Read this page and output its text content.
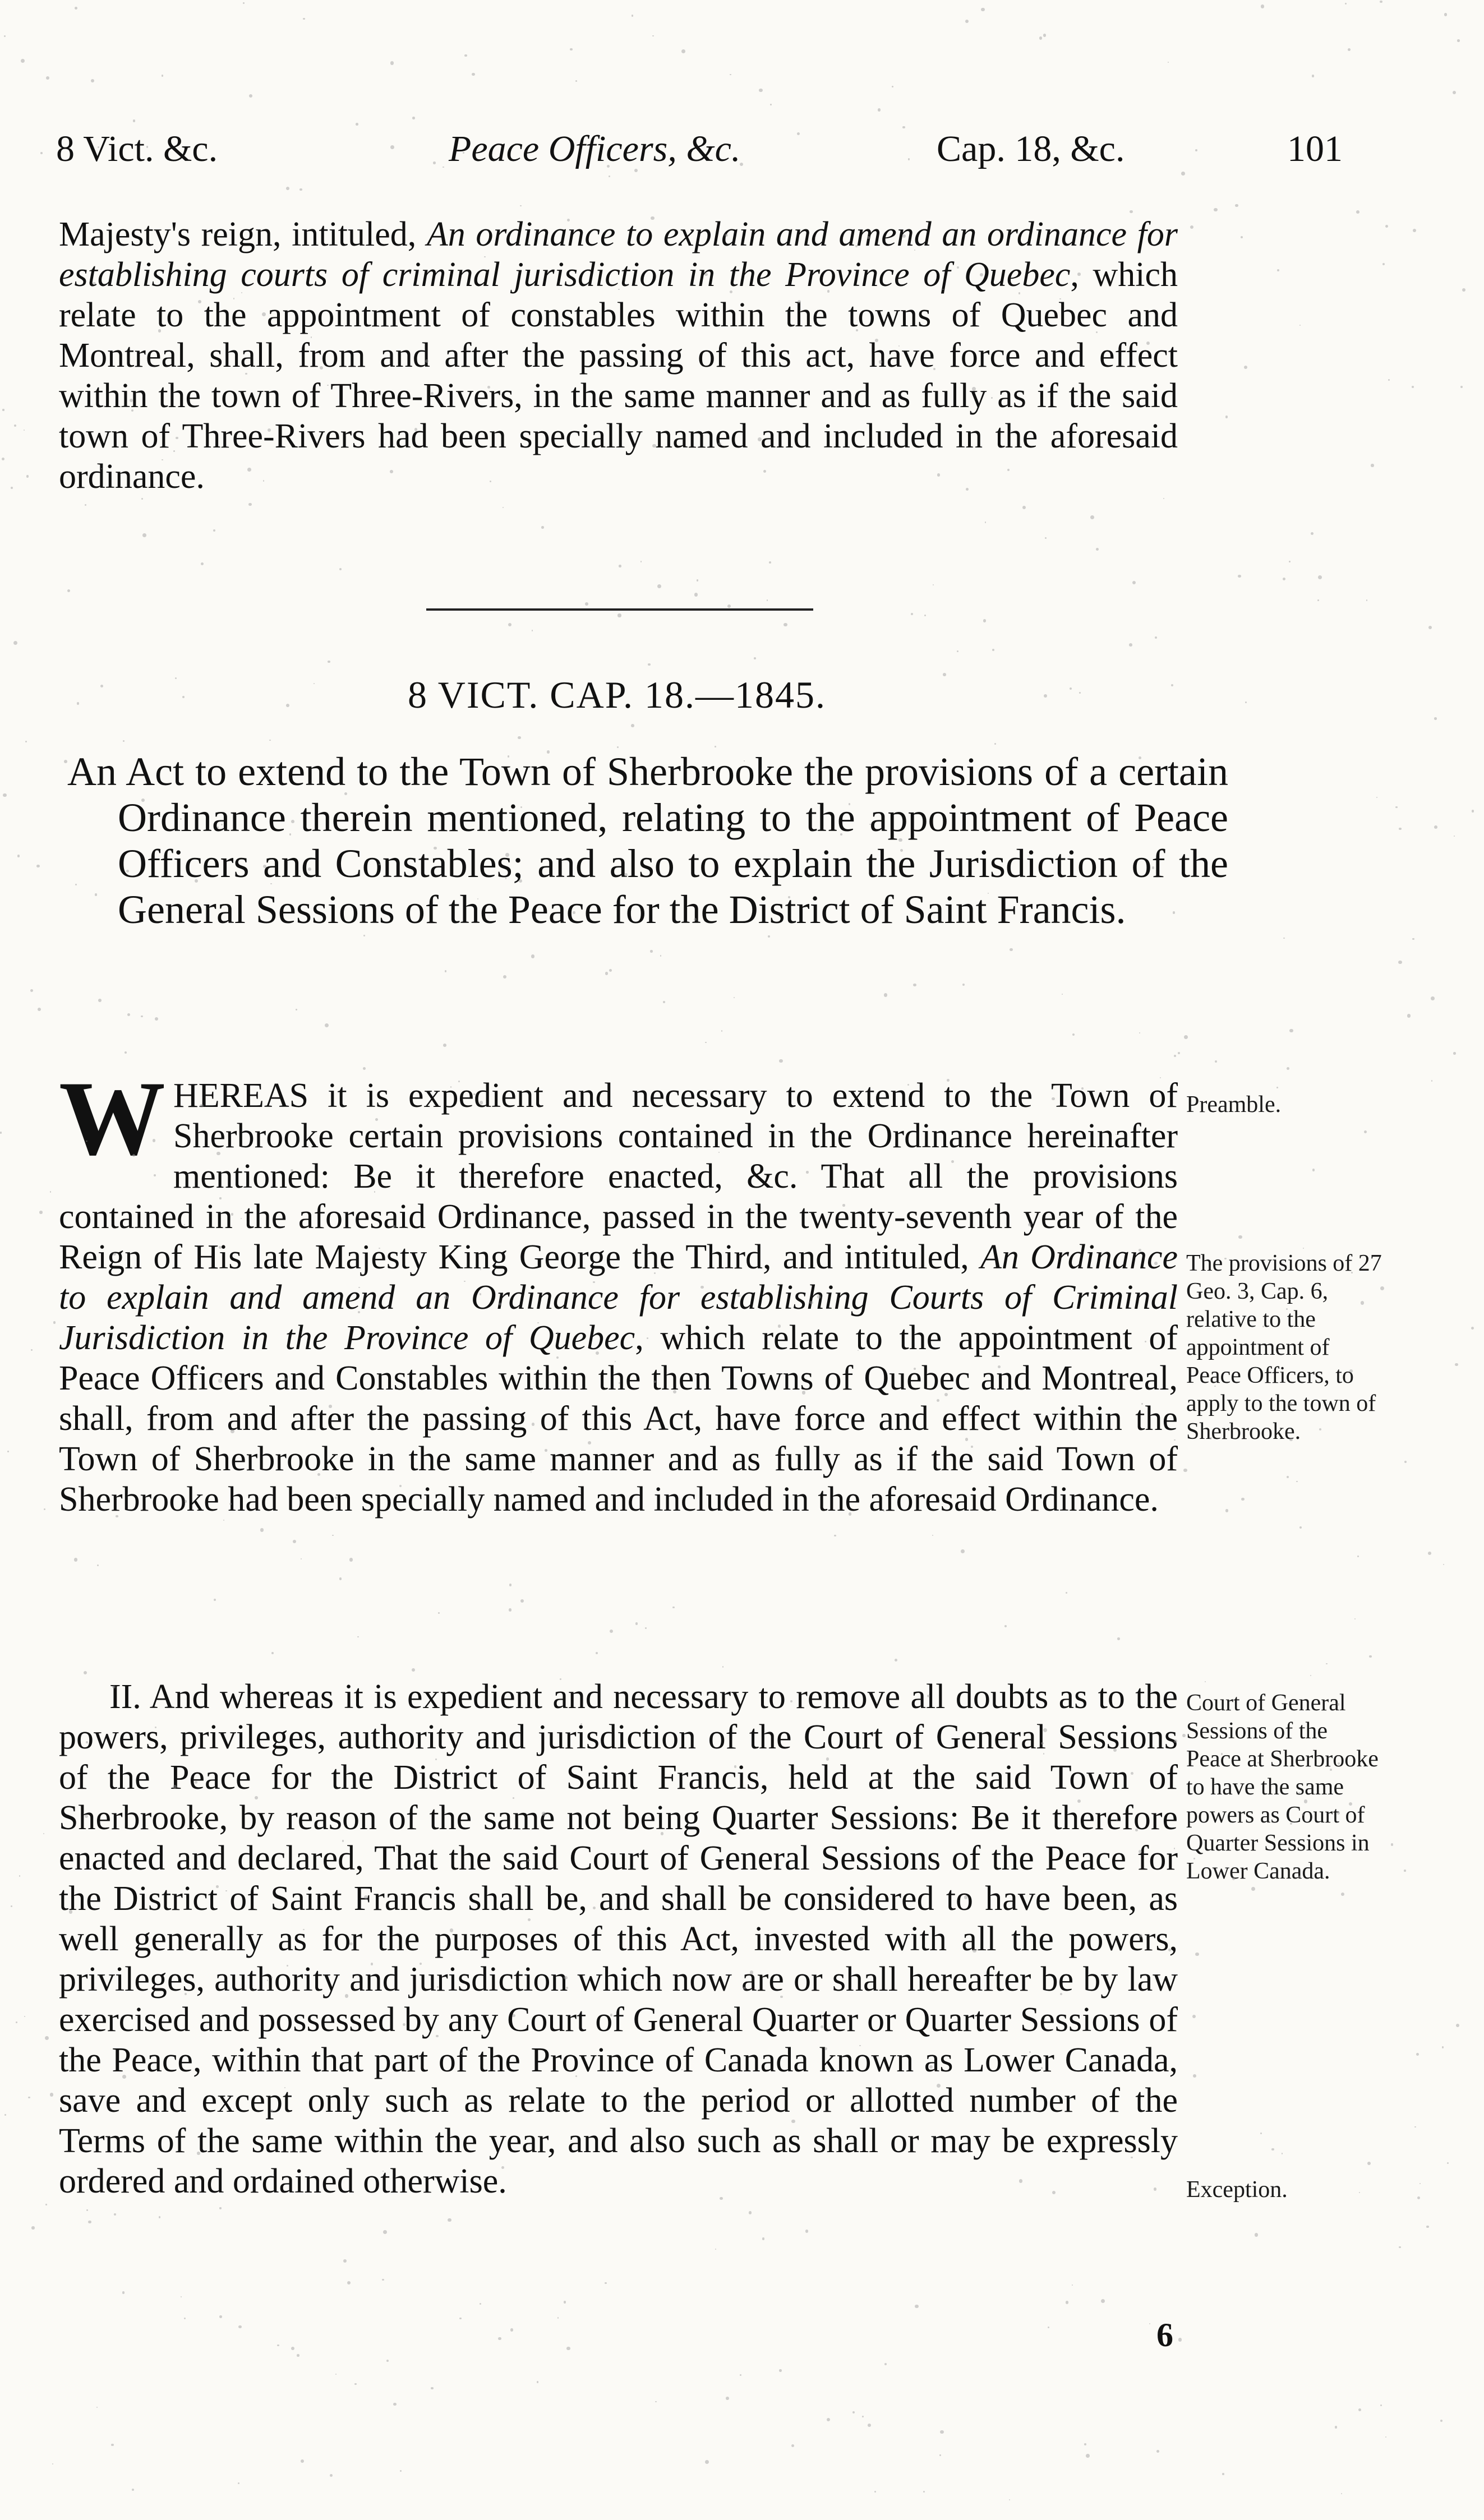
8 Vict. &c.	Peace Officers, &c.	Cap. 18, &c.	101
Majesty's reign, intituled, An ordinance to explain and amend an ordinance for establishing courts of criminal jurisdiction in the Province of Quebec, which relate to the appointment of constables within the towns of Quebec and Montreal, shall, from and after the passing of this act, have force and effect within the town of Three-Rivers, in the same manner and as fully as if the said town of Three-Rivers had been specially named and included in the aforesaid ordinance.
8 VICT. CAP. 18.—1845.
An Act to extend to the Town of Sherbrooke the provisions of a certain Ordinance therein mentioned, relating to the appointment of Peace Officers and Constables; and also to explain the Jurisdiction of the General Sessions of the Peace for the District of Saint Francis.
WHEREAS it is expedient and necessary to extend to the Town of Sherbrooke certain provisions contained in the Ordinance hereinafter mentioned: Be it therefore enacted, &c. That all the provisions contained in the aforesaid Ordinance, passed in the twenty-seventh year of the Reign of His late Majesty King George the Third, and intituled, An Ordinance to explain and amend an Ordinance for establishing Courts of Criminal Jurisdiction in the Province of Quebec, which relate to the appointment of Peace Officers and Constables within the then Towns of Quebec and Montreal, shall, from and after the passing of this Act, have force and effect within the Town of Sherbrooke in the same manner and as fully as if the said Town of Sherbrooke had been specially named and included in the aforesaid Ordinance.
II. And whereas it is expedient and necessary to remove all doubts as to the powers, privileges, authority and jurisdiction of the Court of General Sessions of the Peace for the District of Saint Francis, held at the said Town of Sherbrooke, by reason of the same not being Quarter Sessions: Be it therefore enacted and declared, That the said Court of General Sessions of the Peace for the District of Saint Francis shall be, and shall be considered to have been, as well generally as for the purposes of this Act, invested with all the powers, privileges, authority and jurisdiction which now are or shall hereafter be by law exercised and possessed by any Court of General Quarter or Quarter Sessions of the Peace, within that part of the Province of Canada known as Lower Canada, save and except only such as relate to the period or allotted number of the Terms of the same within the year, and also such as shall or may be expressly ordered and ordained otherwise.
Preamble.
The provisions of 27 Geo. 3, Cap. 6, relative to the appointment of Peace Officers, to apply to the town of Sherbrooke.
Court of General Sessions of the Peace at Sherbrooke to have the same powers as Court of Quarter Sessions in Lower Canada.
Exception.
6
